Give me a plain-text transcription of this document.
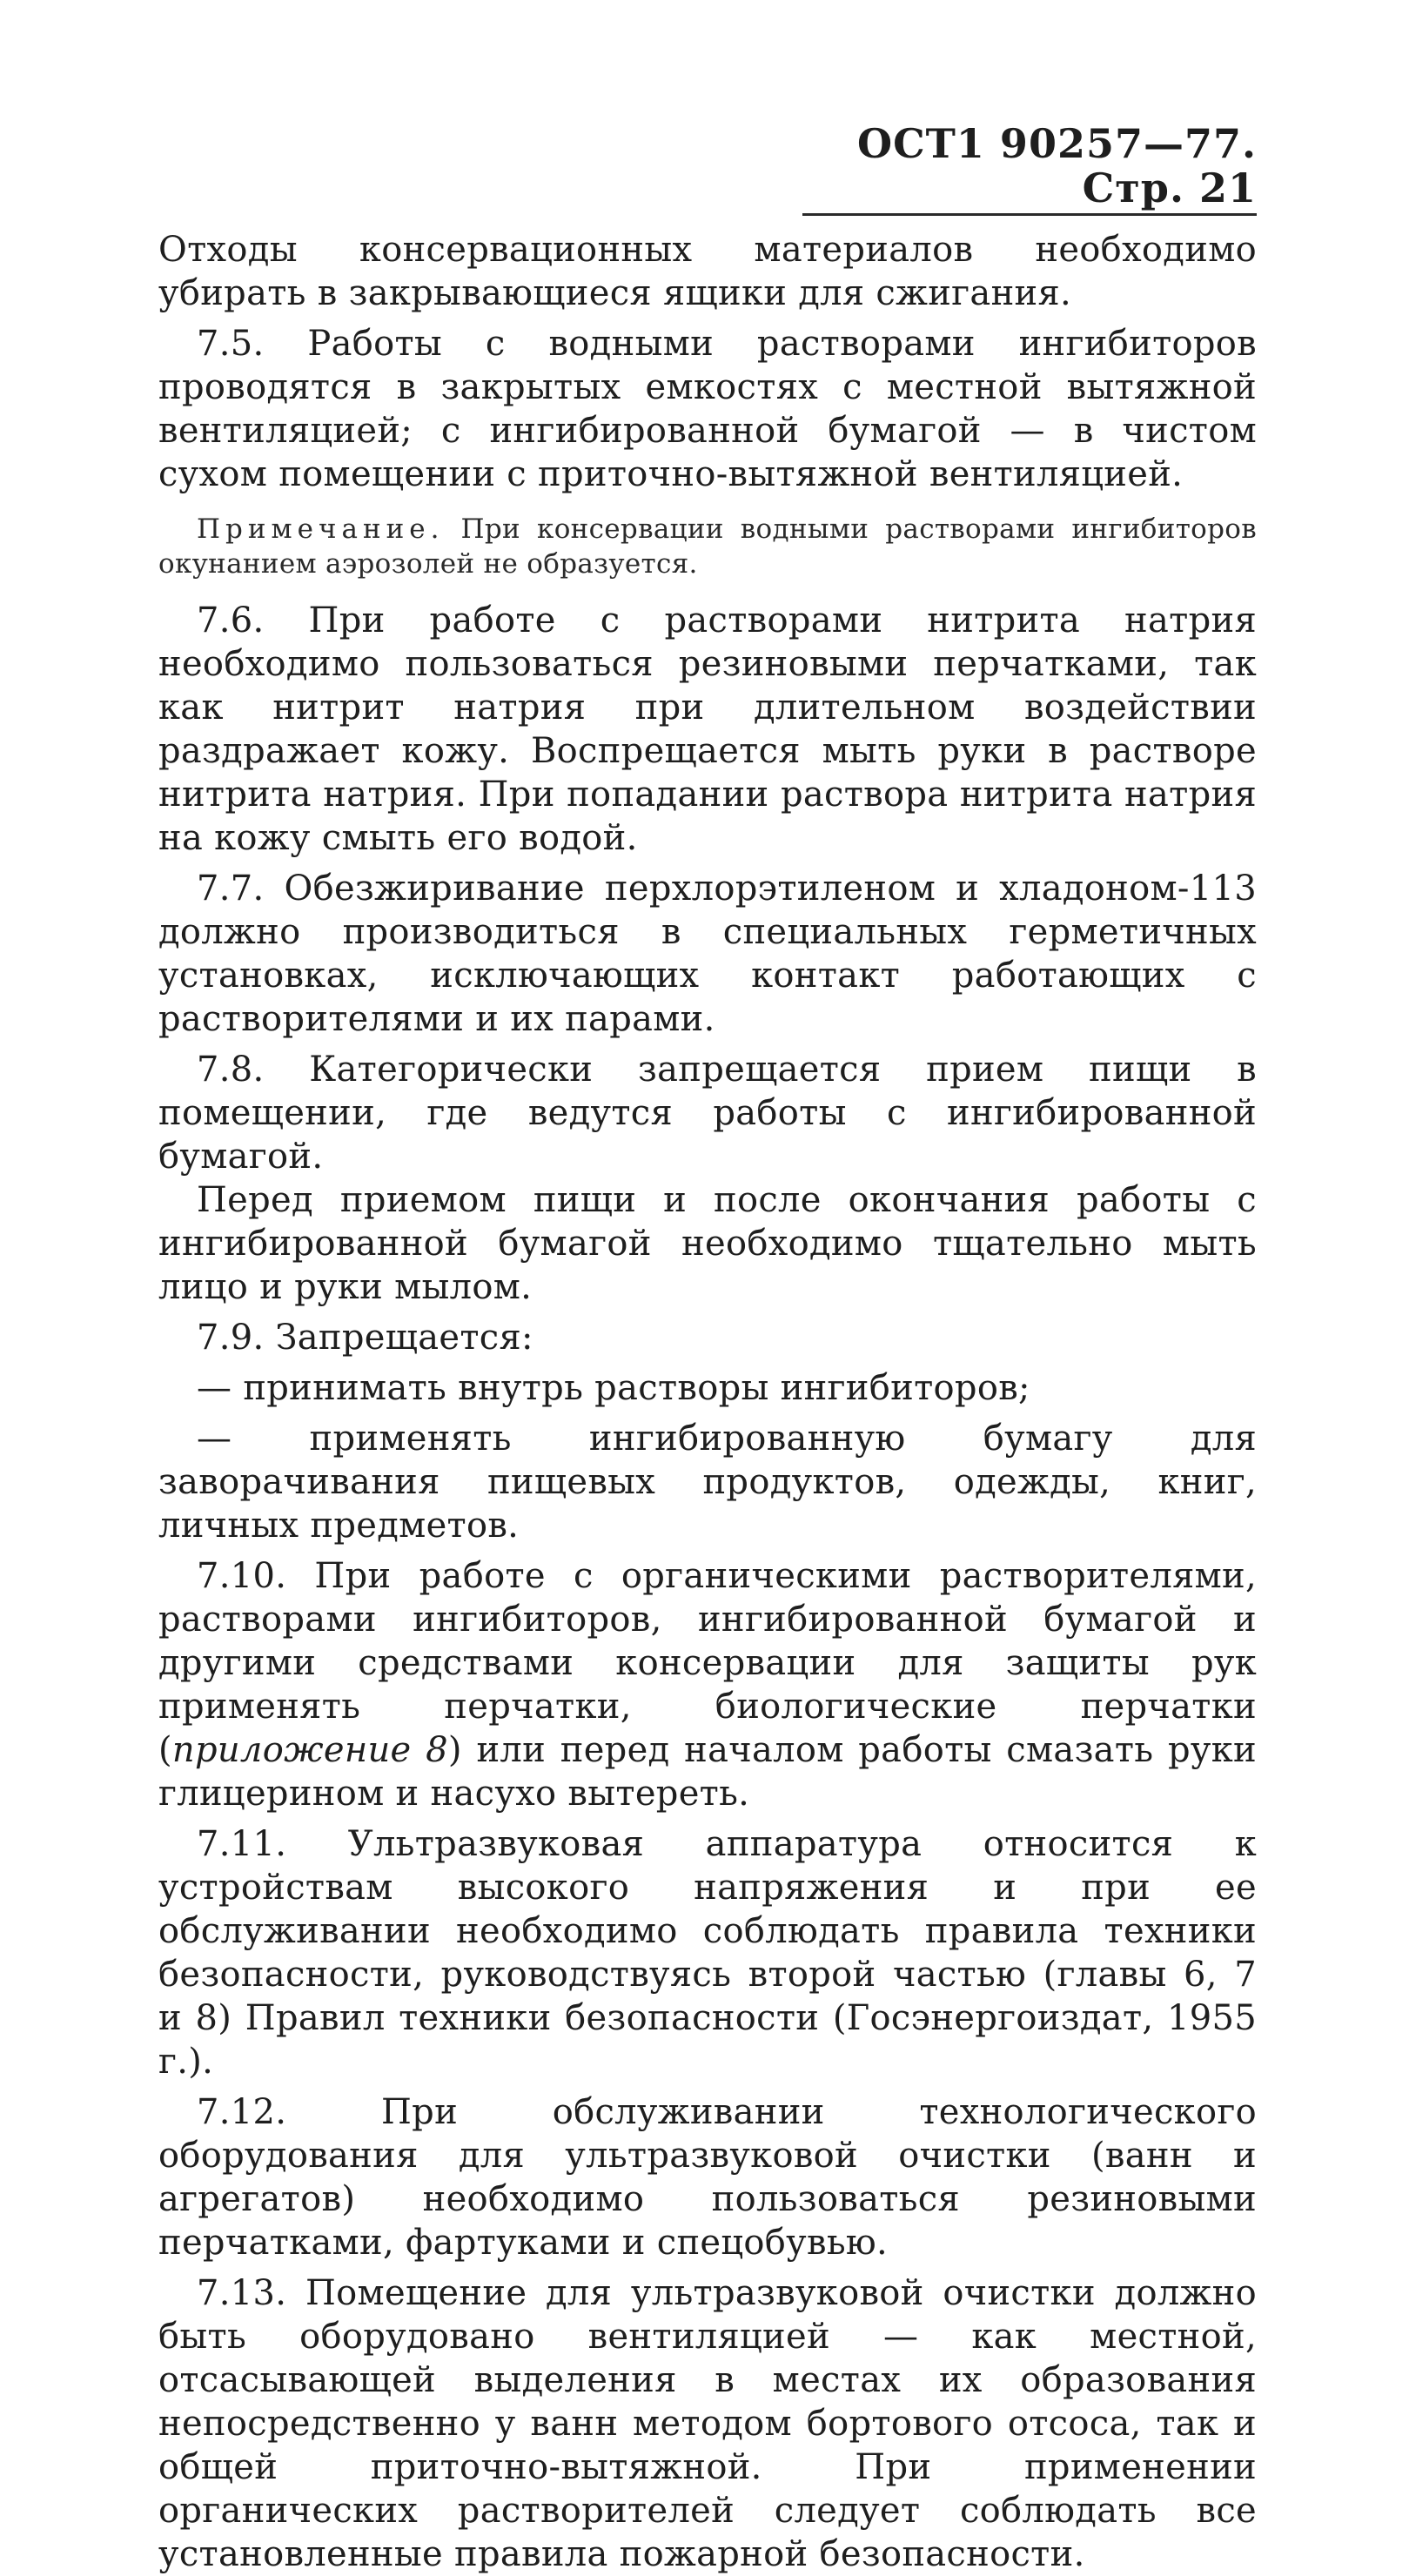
ОСТ1 90257—77. Стр. 21

Отходы консервационных материалов необходимо убирать в закрывающиеся ящики для сжигания.

7.5. Работы с водными растворами ингибиторов проводятся в закрытых емкостях с местной вытяжной вентиляцией; с ингибированной бумагой — в чистом сухом помещении с приточно-вытяжной вентиляцией.

Примечание. При консервации водными растворами ингибиторов окунанием аэрозолей не образуется.

7.6. При работе с растворами нитрита натрия необходимо пользоваться резиновыми перчатками, так как нитрит натрия при длительном воздействии раздражает кожу. Воспрещается мыть руки в растворе нитрита натрия. При попадании раствора нитрита натрия на кожу смыть его водой.

7.7. Обезжиривание перхлорэтиленом и хладоном-113 должно производиться в специальных герметичных установках, исключающих контакт работающих с растворителями и их парами.

7.8. Категорически запрещается прием пищи в помещении, где ведутся работы с ингибированной бумагой.

Перед приемом пищи и после окончания работы с ингибированной бумагой необходимо тщательно мыть лицо и руки мылом.

7.9. Запрещается:

— принимать внутрь растворы ингибиторов;

— применять ингибированную бумагу для заворачивания пищевых продуктов, одежды, книг, личных предметов.

7.10. При работе с органическими растворителями, растворами ингибиторов, ингибированной бумагой и другими средствами консервации для защиты рук применять перчатки, биологические перчатки (приложение 8) или перед началом работы смазать руки глицерином и насухо вытереть.

7.11. Ультразвуковая аппаратура относится к устройствам высокого напряжения и при ее обслуживании необходимо соблюдать правила техники безопасности, руководствуясь второй частью (главы 6, 7 и 8) Правил техники безопасности (Госэнергоиздат, 1955 г.).

7.12. При обслуживании технологического оборудования для ультразвуковой очистки (ванн и агрегатов) необходимо пользоваться резиновыми перчатками, фартуками и спецобувью.

7.13. Помещение для ультразвуковой очистки должно быть оборудовано вентиляцией — как местной, отсасывающей выделения в местах их образования непосредственно у ванн методом бортового отсоса, так и общей приточно-вытяжной. При применении органических растворителей следует соблюдать все установленные правила пожарной безопасности.
